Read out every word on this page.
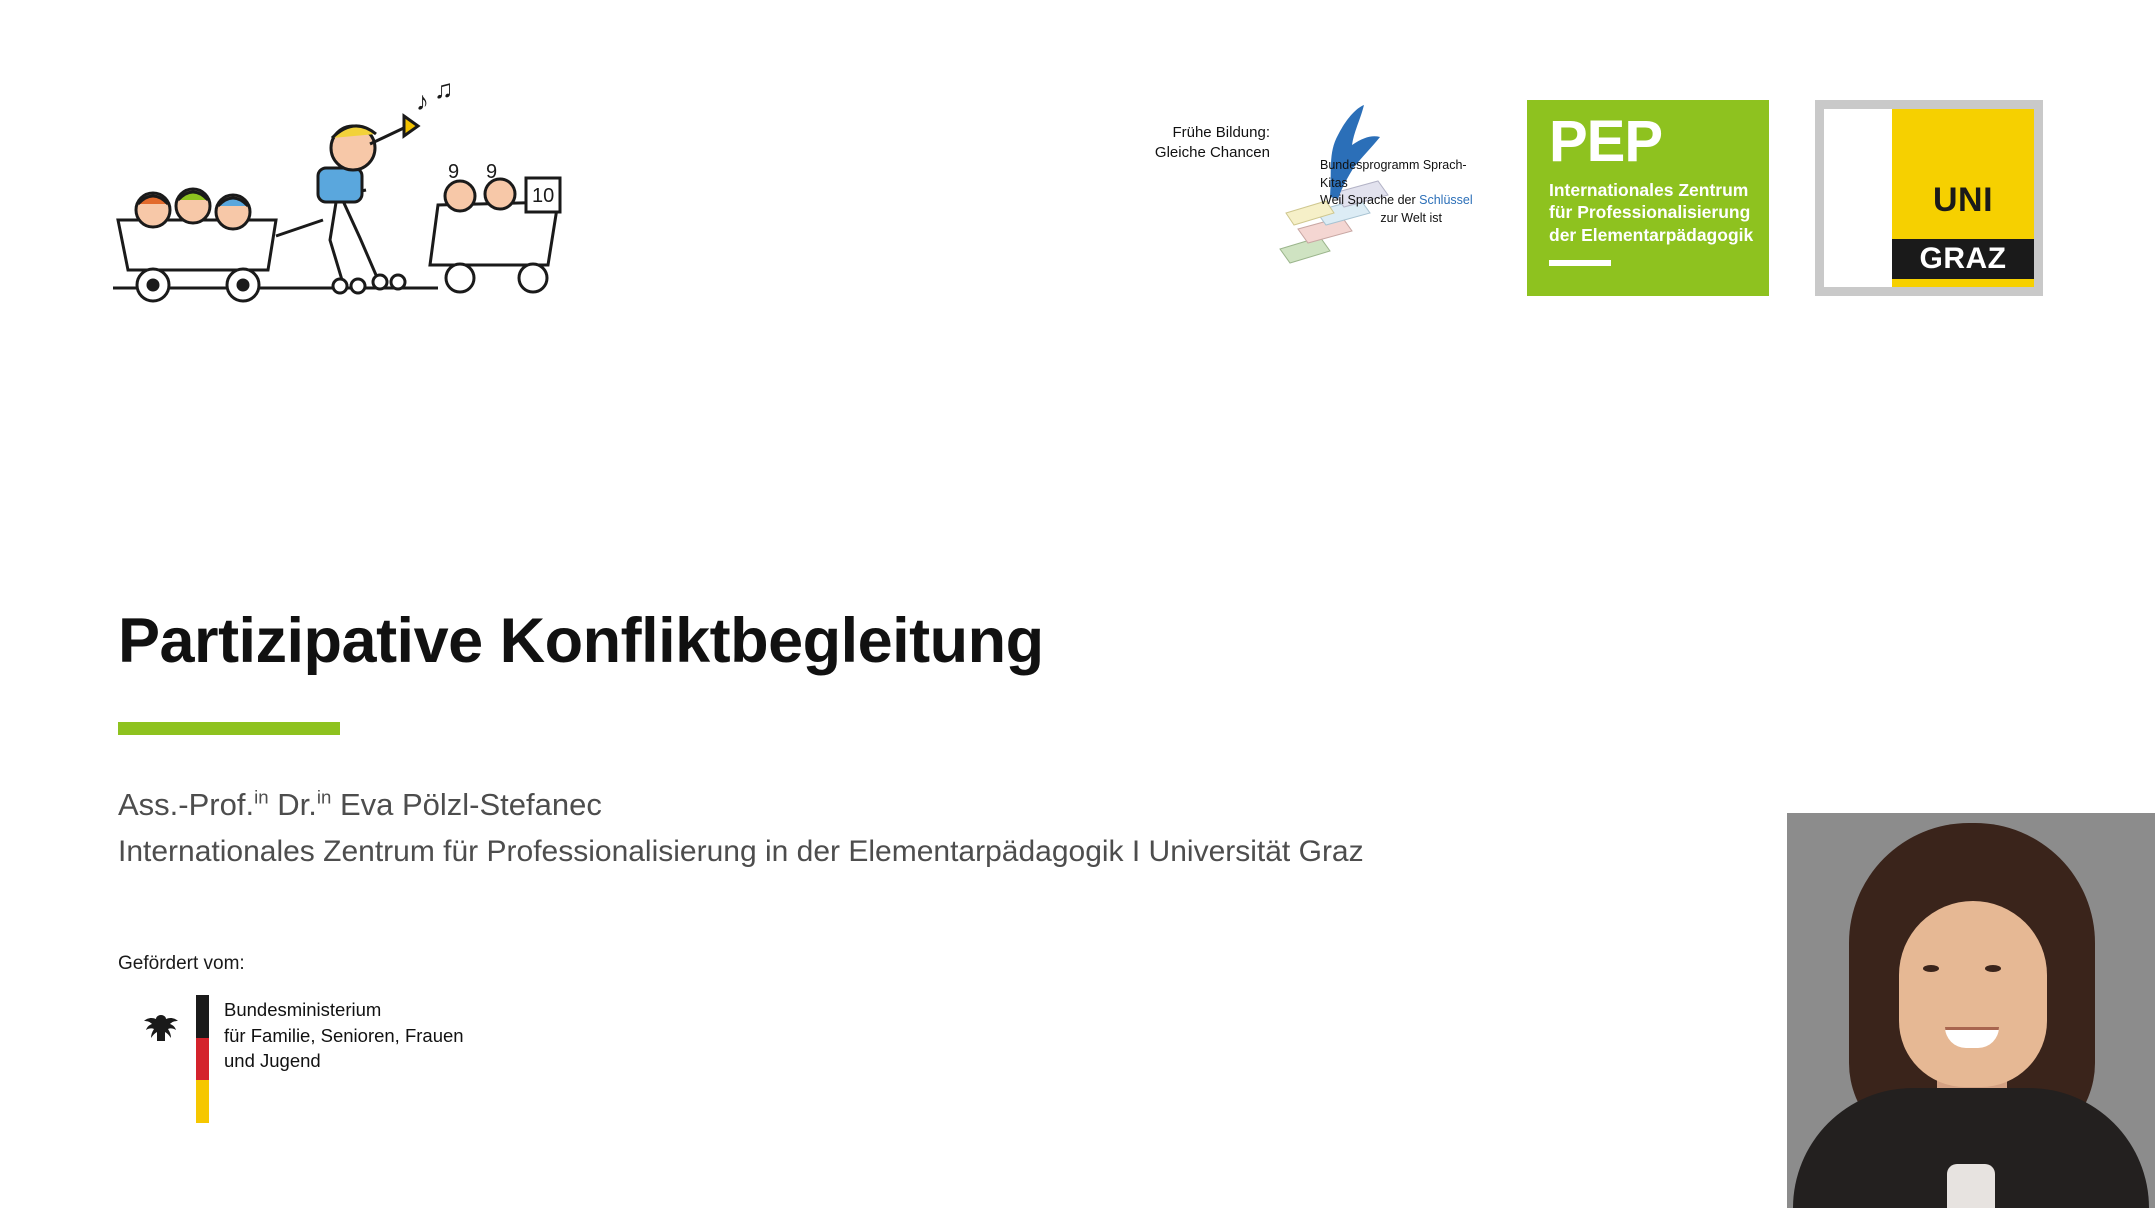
9 9
10
♪ ♫
Frühe Bildung:
Gleiche Chancen
Bundesprogramm Sprach-Kitas
Weil Sprache der Schlüssel
zur Welt ist
PEP
Internationales Zentrum
für Professionalisierung
der Elementarpädagogik
UNI
GRAZ
Partizipative Konfliktbegleitung
Ass.-Prof.$^{in}$ Dr.$^{in}$ Eva Pölzl-Stefanec
Internationales Zentrum für Professionalisierung in der Elementarpädagogik I Universität Graz
Gefördert vom:
Bundesministerium
für Familie, Senioren, Frauen
und Jugend
